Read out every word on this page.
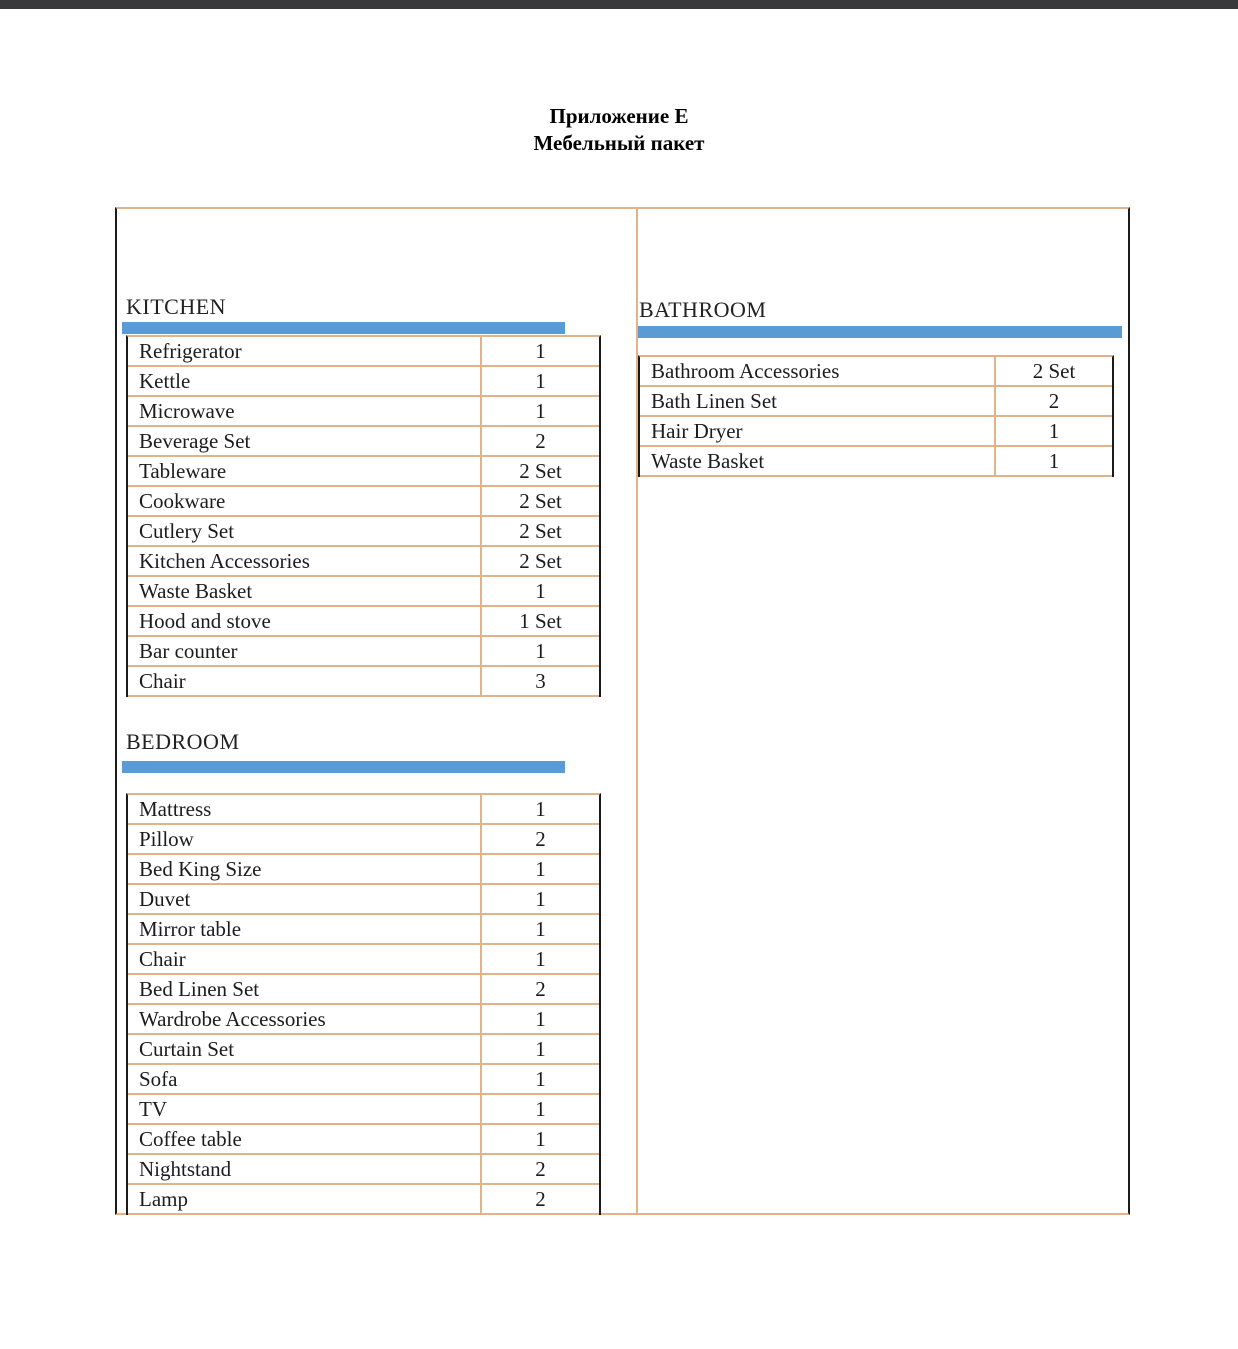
Приложение Е
Мебельный пакет
KITCHEN
Refrigerator	1
Kettle	1
Microwave	1
Beverage Set	2
Tableware	2 Set
Cookware	2 Set
Cutlery Set	2 Set
Kitchen Accessories	2 Set
Waste Basket	1
Hood and stove	1 Set
Bar counter	1
Chair	3
BATHROOM
Bathroom Accessories	2 Set
Bath Linen Set	2
Hair Dryer	1
Waste Basket	1
BEDROOM
Mattress	1
Pillow	2
Bed King Size	1
Duvet	1
Mirror table	1
Chair	1
Bed Linen Set	2
Wardrobe Accessories	1
Curtain Set	1
Sofa	1
TV	1
Coffee table	1
Nightstand	2
Lamp	2
